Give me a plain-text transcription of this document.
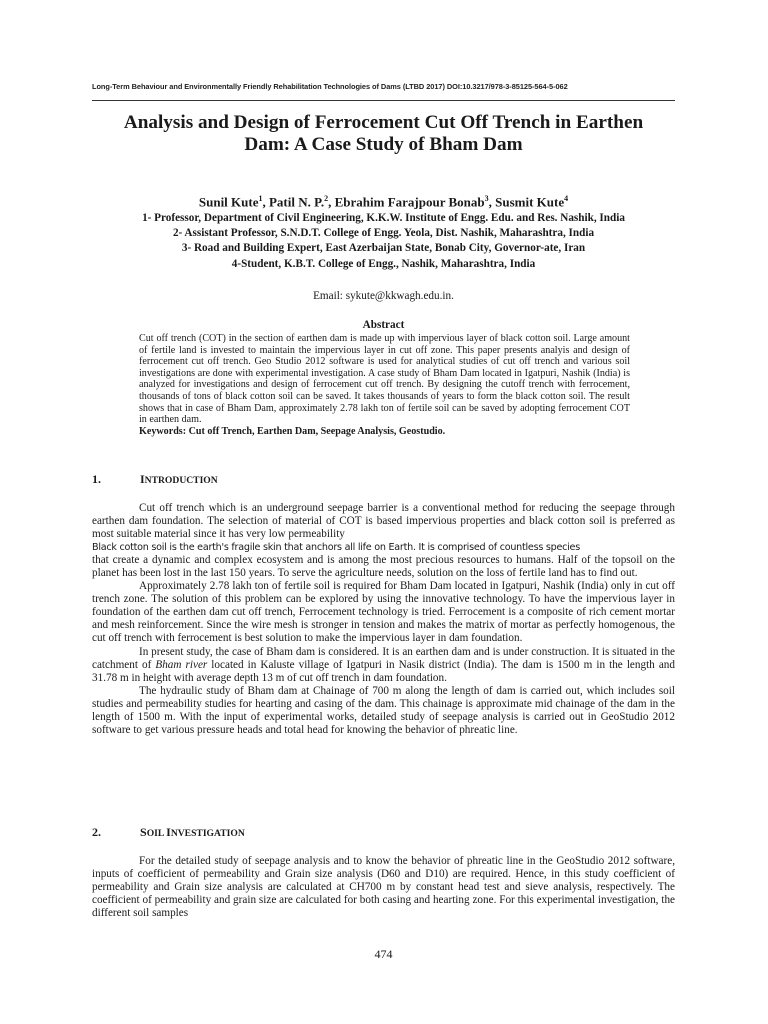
Long-Term Behaviour and Environmentally Friendly Rehabilitation Technologies of Dams (LTBD 2017) DOI:10.3217/978-3-85125-564-5-062
Analysis and Design of Ferrocement Cut Off Trench in Earthen
Dam: A Case Study of Bham Dam
Sunil Kute$^1$, Patil N. P.$^2$, Ebrahim Farajpour Bonab$^3$, Susmit Kute$^4$
1- Professor, Department of Civil Engineering, K.K.W. Institute of Engg. Edu. and Res. Nashik, India
2- Assistant Professor, S.N.D.T. College of Engg. Yeola, Dist. Nashik, Maharashtra, India
3- Road and Building Expert, East Azerbaijan State, Bonab City, Governor-ate, Iran
4-Student, K.B.T. College of Engg., Nashik, Maharashtra, India
Email: sykute@kkwagh.edu.in.
Abstract
Cut off trench (COT) in the section of earthen dam is made up with impervious layer of black cotton soil. Large amount of fertile land is invested to maintain the impervious layer in cut off zone. This paper presents analyis and design of ferrocement cut off trench. Geo Studio 2012 software is used for analytical studies of cut off trench and various soil investigations are done with experimental investigation. A case study of Bham Dam located in Igatpuri, Nashik (India) is analyzed for investigations and design of ferrocement cut off trench. By designing the cutoff trench with ferrocement, thousands of tons of black cotton soil can be saved. It takes thousands of years to form the black cotton soil. The result shows that in case of Bham Dam, approximately 2.78 lakh ton of fertile soil can be saved by adopting ferrocement COT in earthen dam.
Keywords: Cut off Trench, Earthen Dam, Seepage Analysis, Geostudio.
1.	INTRODUCTION

Cut off trench which is an underground seepage barrier is a conventional method for reducing the seepage through earthen dam foundation. The selection of material of COT is based impervious properties and black cotton soil is preferred as most suitable material since it has very low permeability
Black cotton soil is the earth's fragile skin that anchors all life on Earth. It is comprised of countless species
that create a dynamic and complex ecosystem and is among the most precious resources to humans. Half of the topsoil on the planet has been lost in the last 150 years. To serve the agriculture needs, solution on the loss of fertile land has to find out.

Approximately 2.78 lakh ton of fertile soil is required for Bham Dam located in Igatpuri, Nashik (India) only in cut off trench zone. The solution of this problem can be explored by using the innovative technology. To have the impervious layer in foundation of the earthen dam cut off trench, Ferrocement technology is tried. Ferrocement is a composite of rich cement mortar and mesh reinforcement. Since the wire mesh is stronger in tension and makes the matrix of mortar as perfectly homogenous, the cut off trench with ferrocement is best solution to make the impervious layer in dam foundation.

In present study, the case of Bham dam is considered. It is an earthen dam and is under construction. It is situated in the catchment of Bham river located in Kaluste village of Igatpuri in Nasik district (India). The dam is 1500 m in the length and 31.78 m in height with average depth 13 m of cut off trench in dam foundation.

The hydraulic study of Bham dam at Chainage of 700 m along the length of dam is carried out, which includes soil studies and permeability studies for hearting and casing of the dam. This chainage is approximate mid chainage of the dam in the length of 1500 m. With the input of experimental works, detailed study of seepage analysis is carried out in GeoStudio 2012 software to get various pressure heads and total head for knowing the behavior of phreatic line.

2.	SOIL INVESTIGATION

For the detailed study of seepage analysis and to know the behavior of phreatic line in the GeoStudio 2012 software, inputs of coefficient of permeability and Grain size analysis (D60 and D10) are required. Hence, in this study coefficient of permeability and Grain size analysis are calculated at CH700 m by constant head test and sieve analysis, respectively. The coefficient of permeability and grain size are calculated for both casing and hearting zone. For this experimental investigation, the different soil samples

474
